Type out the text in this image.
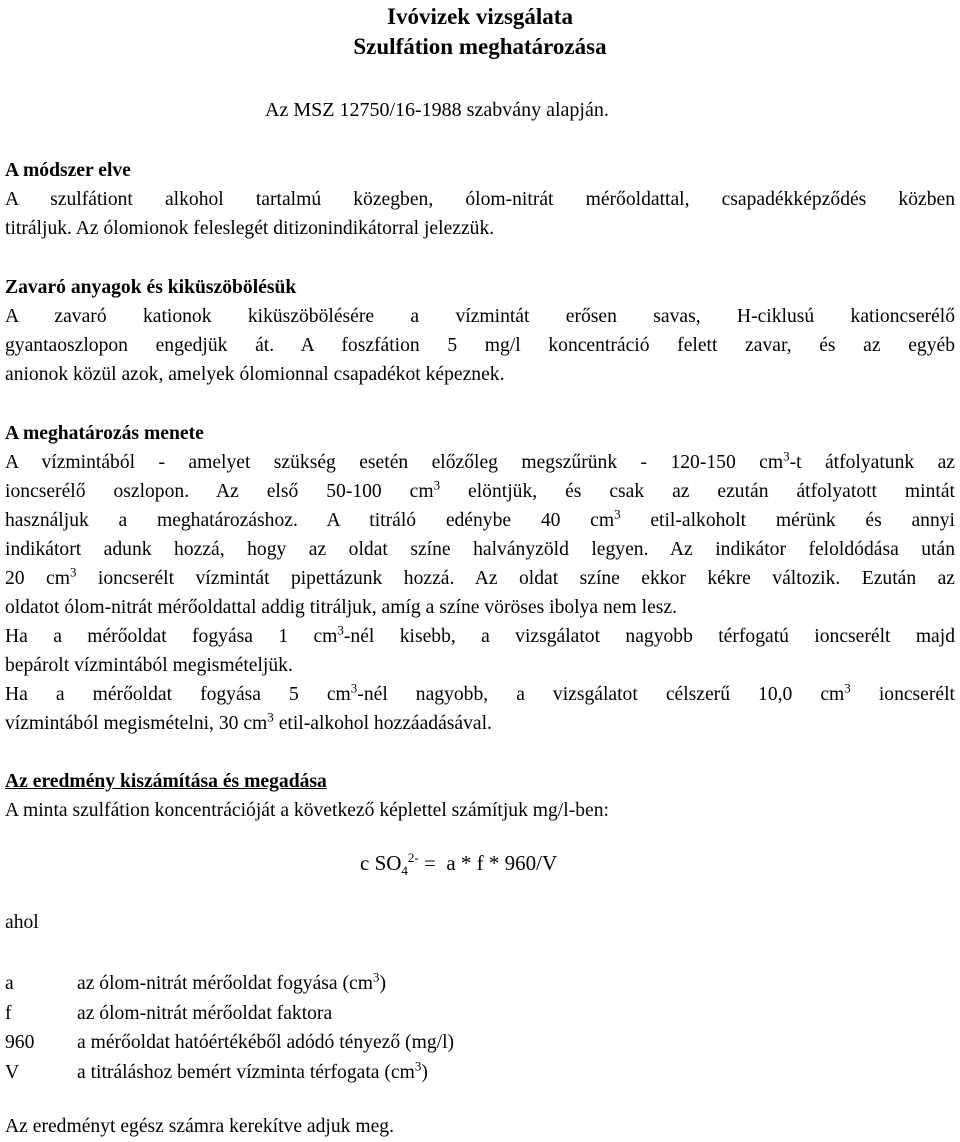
Ivóvizek vizsgálata
Szulfátion meghatározása
Az MSZ 12750/16-1988 szabvány alapján.
A módszer elve
A szulfátiont alkohol tartalmú közegben, ólom-nitrát mérőoldattal, csapadékképződés közben
titráljuk. Az ólomionok feleslegét ditizonindikátorral jelezzük.
Zavaró anyagok és kiküszöbölésük
A zavaró kationok kiküszöbölésére a vízmintát erősen savas, H-ciklusú kationcserélő
gyantaoszlopon engedjük át. A foszfátion 5 mg/l koncentráció felett zavar, és az egyéb
anionok közül azok, amelyek ólomionnal csapadékot képeznek.
A meghatározás menete
A vízmintából - amelyet szükség esetén előzőleg megszűrünk - 120-150 $cm^3-t$ átfolyatunk az
ioncserélő oszlopon. Az első 50-100 $cm^3$ elöntjük, és csak az ezután átfolyatott mintát
használjuk a meghatározáshoz. A titráló edénybe 40 $cm^3$ etil-alkoholt mérünk és annyi
indikátort adunk hozzá, hogy az oldat színe halványzöld legyen. Az indikátor feloldódása után
20 $cm^3$ ioncserélt vízmintát pipettázunk hozzá. Az oldat színe ekkor kékre változik. Ezután az
oldatot ólom-nitrát mérőoldattal addig titráljuk, amíg a színe vöröses ibolya nem lesz.
Ha a mérőoldat fogyása 1 $cm^3$-nél kisebb, a vizsgálatot nagyobb térfogatú ioncserélt majd
bepárolt vízmintából megismételjük.
Ha a mérőoldat fogyása 5 $cm^3$-nél nagyobb, a vizsgálatot célszerű 10,0 $cm^3$ ioncserélt
vízmintából megismételni, 30 $cm^3$ etil-alkohol hozzáadásával.
Az eredmény kiszámítása és megadása
A minta szulfátion koncentrációját a következő képlettel számítjuk mg/l-ben:
c $SO_4^{2-} = a * f * 960/V$
ahol
a	az ólom-nitrát mérőoldat fogyása $(cm^3)$
f	az ólom-nitrát mérőoldat faktora
960	a mérőoldat hatóértékéből adódó tényező (mg/l)
V	a titráláshoz bemért vízminta térfogata $(cm^3)$
Az eredményt egész számra kerekítve adjuk meg.
